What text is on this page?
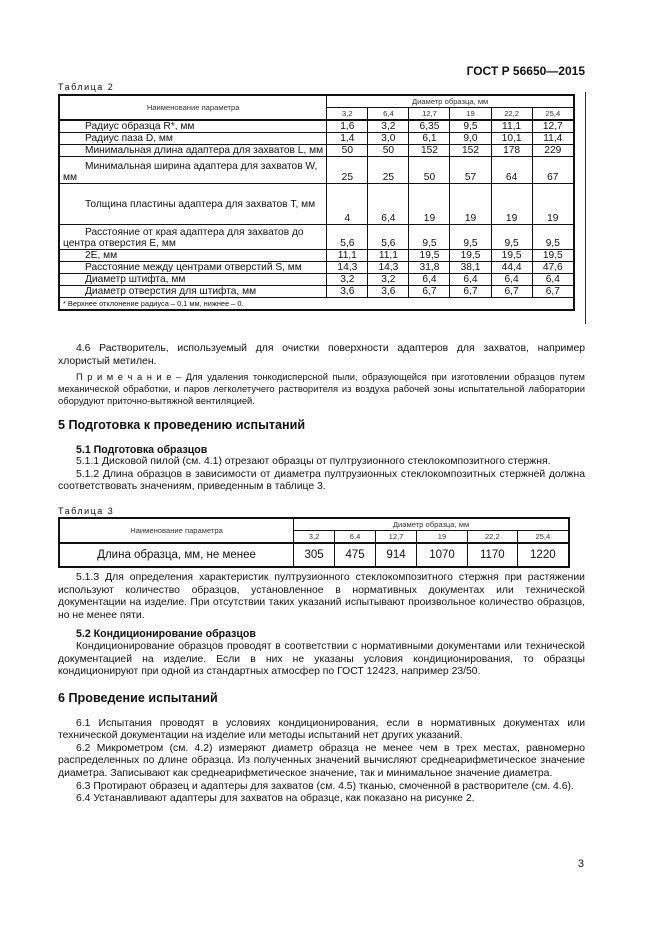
ГОСТ Р 56650—2015
Таблица 2
Наименование параметра	Диаметр образца, мм					
	3,2	6,4	12,7	19	22,2	25,4
Радиус образца R*, мм	1,6	3,2	6,35	9,5	11,1	12,7
Радиус паза D, мм	1,4	3,0	6,1	9,0	10,1	11,4
Минимальная длина адаптера для захватов L, мм	50	50	152	152	178	229
Минимальная ширина адаптера для захватов W, мм	25	25	50	57	64	67
Толщина пластины адаптера для захватов T, мм	4	6,4	19	19	19	19
Расстояние от края адаптера для захватов до центра отверстия E, мм	5,6	5,6	9,5	9,5	9,5	9,5
2E, мм	11,1	11,1	19,5	19,5	19,5	19,5
Расстояние между центрами отверстий S, мм	14,3	14,3	31,8	38,1	44,4	47,6
Диаметр штифта, мм	3,2	3,2	6,4	6,4	6,4	6,4
Диаметр отверстия для штифта, мм	3,6	3,6	6,7	6,7	6,7	6,7
* Верхнее отклонение радиуса – 0,1 мм, нижнее – 0.						

4.6 Растворитель, используемый для очистки поверхности адаптеров для захватов, например хлористый метилен.

П р и м е ч а н и е – Для удаления тонкодисперсной пыли, образующейся при изготовлении образцов путем механической обработки, и паров легколетучего растворителя из воздуха рабочей зоны испытательной лаборатории оборудуют приточно-вытяжной вентиляцией.

5 Подготовка к проведению испытаний
5.1 Подготовка образцов

5.1.1 Дисковой пилой (см. 4.1) отрезают образцы от пултрузионного стеклокомпозитного стержня.

5.1.2 Длина образцов в зависимости от диаметра пултрузионных стеклокомпозитных стержней должна соответствовать значениям, приведенным в таблице 3.

Таблица 3
Наименование параметра	Диаметр образца, мм					
	3,2	6,4	12,7	19	22,2	25,4
Длина образца, мм, не менее	305	475	914	1070	1170	1220

5.1.3 Для определения характеристик пултрузионного стеклокомпозитного стержня при растяжении используют количество образцов, установленное в нормативных документах или технической документации на изделие. При отсутствии таких указаний испытывают произвольное количество образцов, но не менее пяти.

5.2 Кондиционирование образцов

Кондиционирование образцов проводят в соответствии с нормативными документами или технической документацией на изделие. Если в них не указаны условия кондиционирования, то образцы кондиционируют при одной из стандартных атмосфер по ГОСТ 12423, например 23/50.

6 Проведение испытаний

6.1 Испытания проводят в условиях кондиционирования, если в нормативных документах или технической документации на изделие или методы испытаний нет других указаний.

6.2 Микрометром (см. 4.2) измеряют диаметр образца не менее чем в трех местах, равномерно распределенных по длине образца. Из полученных значений вычисляют среднеарифметическое значение диаметра. Записывают как среднеарифметическое значение, так и минимальное значение диаметра.

6.3 Протирают образец и адаптеры для захватов (см. 4.5) тканью, смоченной в растворителе (см. 4.6).

6.4 Устанавливают адаптеры для захватов на образце, как показано на рисунке 2.

3
